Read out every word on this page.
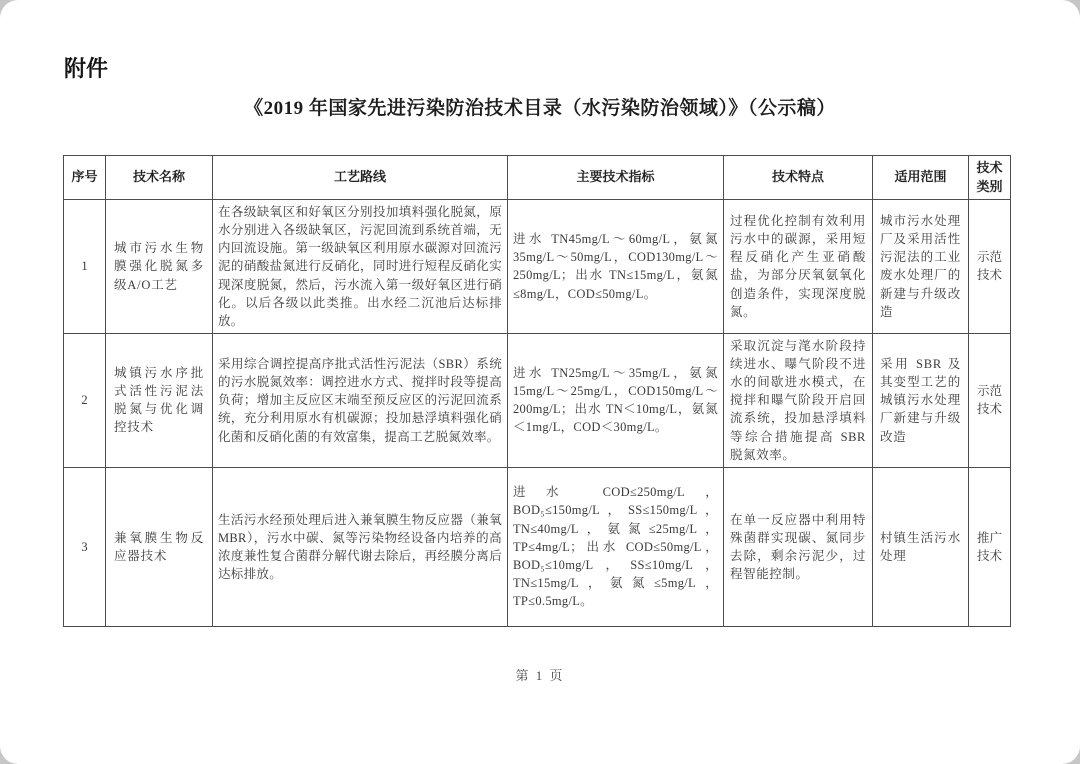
附件
《2019 年国家先进污染防治技术目录（水污染防治领域）》（公示稿）
序号	技术名称	工艺路线	主要技术指标	技术特点	适用范围	技术类别
1	城市污水生物膜强化脱氮多级A/O工艺	在各级缺氧区和好氧区分别投加填料强化脱氮，原水分别进入各级缺氧区，污泥回流到系统首端，无内回流设施。第一级缺氧区利用原水碳源对回流污泥的硝酸盐氮进行反硝化，同时进行短程反硝化实现深度脱氮，然后，污水流入第一级好氧区进行硝化。以后各级以此类推。出水经二沉池后达标排放。	进水 TN45mg/L～60mg/L，氨氮35mg/L～50mg/L，COD130mg/L～250mg/L；出水 TN≤15mg/L，氨氮≤8mg/L，COD≤50mg/L。	过程优化控制有效利用污水中的碳源，采用短程反硝化产生亚硝酸盐，为部分厌氧氨氧化创造条件，实现深度脱氮。	城市污水处理厂及采用活性污泥法的工业废水处理厂的新建与升级改造	示范技术
2	城镇污水序批式活性污泥法脱氮与优化调控技术	采用综合调控提高序批式活性污泥法（SBR）系统的污水脱氮效率：调控进水方式、搅拌时段等提高负荷；增加主反应区末端至预反应区的污泥回流系统，充分利用原水有机碳源；投加悬浮填料强化硝化菌和反硝化菌的有效富集，提高工艺脱氮效率。	进水 TN25mg/L～35mg/L，氨氮15mg/L～25mg/L，COD150mg/L～200mg/L；出水 TN＜10mg/L，氨氮＜1mg/L，COD＜30mg/L。	采取沉淀与滗水阶段持续进水、曝气阶段不进水的间歇进水模式，在搅拌和曝气阶段开启回流系统，投加悬浮填料等综合措施提高 SBR 脱氮效率。	采用 SBR 及其变型工艺的城镇污水处理厂新建与升级改造	示范技术
3	兼氧膜生物反应器技术	生活污水经预处理后进入兼氧膜生物反应器（兼氧 MBR），污水中碳、氮等污染物经设备内培养的高浓度兼性复合菌群分解代谢去除后，再经膜分离后达标排放。	进水 COD≤250mg/L，BOD₅≤150mg/L，SS≤150mg/L，TN≤40mg/L，氨氮≤25mg/L，TP≤4mg/L；出水 COD≤50mg/L，BOD₅≤10mg/L，SS≤10mg/L，TN≤15mg/L，氨氮≤5mg/L，TP≤0.5mg/L。	在单一反应器中利用特殊菌群实现碳、氮同步去除，剩余污泥少，过程智能控制。	村镇生活污水处理	推广技术
第 1 页
